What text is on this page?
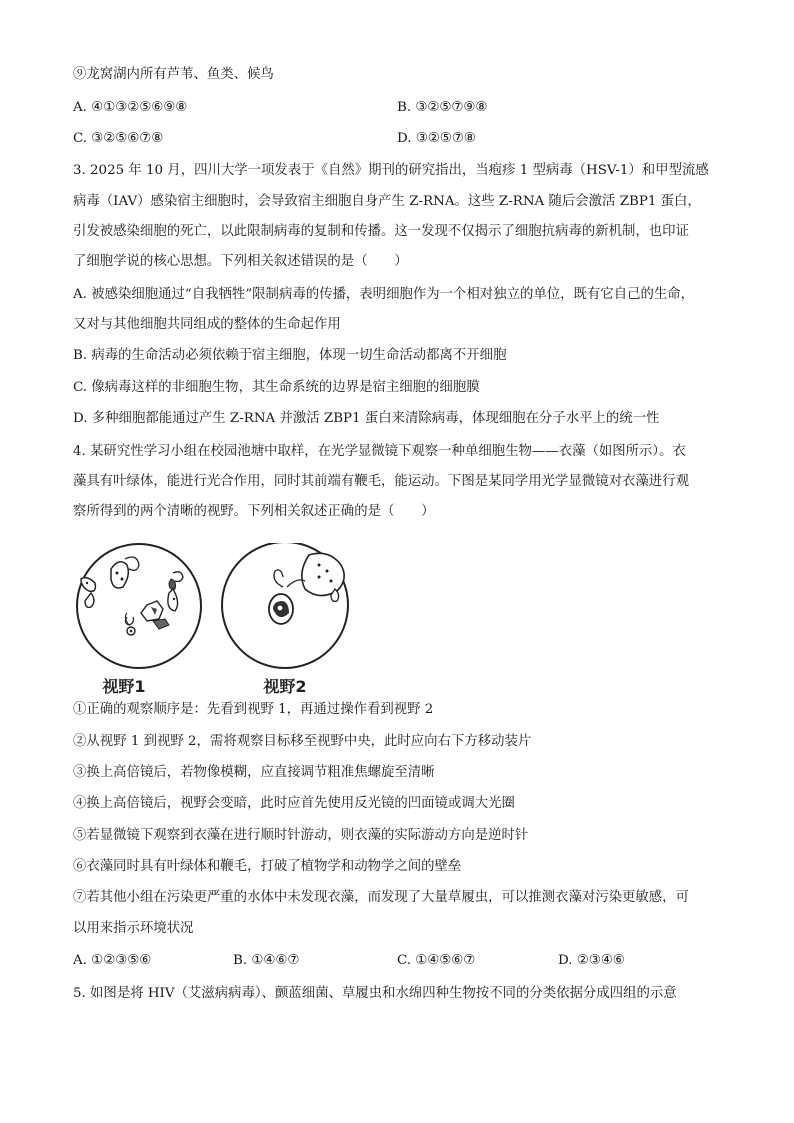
⑨龙窝湖内所有芦苇、鱼类、候鸟
A. ④①③②⑤⑥⑨⑧	B. ③②⑤⑦⑨⑧
C. ③②⑤⑥⑦⑧	D. ③②⑤⑦⑧
3. 2025 年 10 月，四川大学一项发表于《自然》期刊的研究指出，当疱疹 1 型病毒（HSV-1）和甲型流感
病毒（IAV）感染宿主细胞时，会导致宿主细胞自身产生 Z-RNA。这些 Z-RNA 随后会激活 ZBP1 蛋白，
引发被感染细胞的死亡，以此限制病毒的复制和传播。这一发现不仅揭示了细胞抗病毒的新机制，也印证
了细胞学说的核心思想。下列相关叙述错误的是（　　）
A. 被感染细胞通过“自我牺牲”限制病毒的传播，表明细胞作为一个相对独立的单位，既有它自己的生命，
又对与其他细胞共同组成的整体的生命起作用
B. 病毒的生命活动必须依赖于宿主细胞，体现一切生命活动都离不开细胞
C. 像病毒这样的非细胞生物，其生命系统的边界是宿主细胞的细胞膜
D. 多种细胞都能通过产生 Z-RNA 并激活 ZBP1 蛋白来清除病毒，体现细胞在分子水平上的统一性
4. 某研究性学习小组在校园池塘中取样，在光学显微镜下观察一种单细胞生物——衣藻（如图所示）。衣
藻具有叶绿体，能进行光合作用，同时其前端有鞭毛，能运动。下图是某同学用光学显微镜对衣藻进行观
察所得到的两个清晰的视野。下列相关叙述正确的是（　　）
视野1	视野2
①正确的观察顺序是：先看到视野 1，再通过操作看到视野 2
②从视野 1 到视野 2，需将观察目标移至视野中央，此时应向右下方移动装片
③换上高倍镜后，若物像模糊，应直接调节粗准焦螺旋至清晰
④换上高倍镜后，视野会变暗，此时应首先使用反光镜的凹面镜或调大光圈
⑤若显微镜下观察到衣藻在进行顺时针游动，则衣藻的实际游动方向是逆时针
⑥衣藻同时具有叶绿体和鞭毛，打破了植物学和动物学之间的壁垒
⑦若其他小组在污染更严重的水体中未发现衣藻，而发现了大量草履虫，可以推测衣藻对污染更敏感，可
以用来指示环境状况
A. ①②③⑤⑥	B. ①④⑥⑦	C. ①④⑤⑥⑦	D. ②③④⑥
5. 如图是将 HIV（艾滋病病毒）、颤蓝细菌、草履虫和水绵四种生物按不同的分类依据分成四组的示意
